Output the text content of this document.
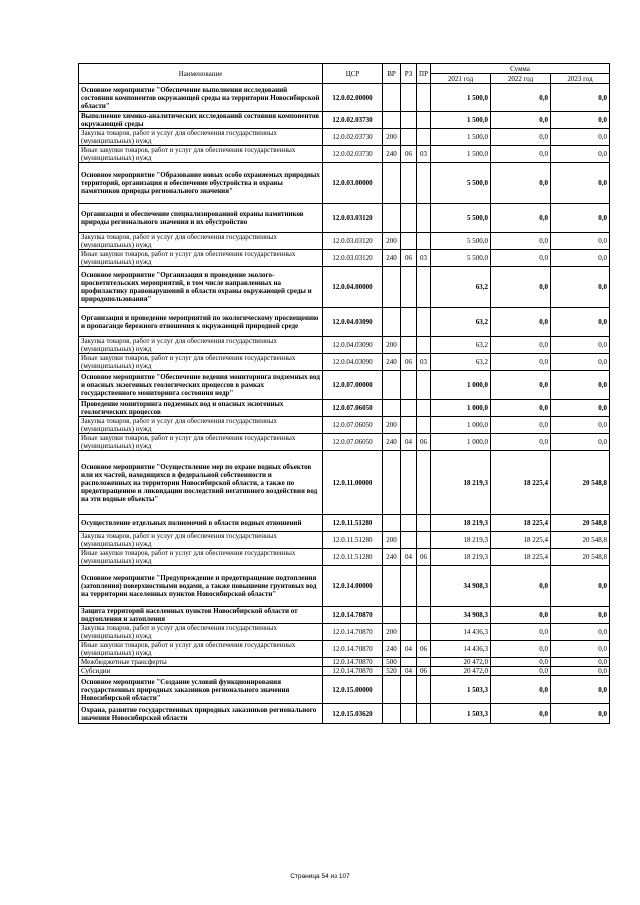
Наименование	ЦСР	ВР	РЗ	ПР	Сумма		
					2021 год	2022 год	2023 год
Основное мероприятие "Обеспечение выполнения исследований состояния компонентов окружающей среды на территории Новосибирской области"	12.0.02.00000				1 500,0	0,0	0,0
Выполнение химико-аналитических исследований состояния компонентов окружающей среды	12.0.02.03730				1 500,0	0,0	0,0
Закупка товаров, работ и услуг для обеспечения государственных (муниципальных) нужд	12.0.02.03730	200			1 500,0	0,0	0,0
Иные закупки товаров, работ и услуг для обеспечения государственных (муниципальных) нужд	12.0.02.03730	240	06	03	1 500,0	0,0	0,0
Основное мероприятие "Образование новых особо охраняемых природных территорий, организация и обеспечение обустройства и охраны памятников природы регионального значения"	12.0.03.00000				5 500,0	0,0	0,0
Организация и обеспечение специализированной охраны памятников природы регионального значения и их обустройство	12.0.03.03120				5 500,0	0,0	0,0
Закупка товаров, работ и услуг для обеспечения государственных (муниципальных) нужд	12.0.03.03120	200			5 500,0	0,0	0,0
Иные закупки товаров, работ и услуг для обеспечения государственных (муниципальных) нужд	12.0.03.03120	240	06	03	5 500,0	0,0	0,0
Основное мероприятие "Организация и проведение эколого-просветительских мероприятий, в том числе направленных на профилактику правонарушений в области охраны окружающей среды и природопользования"	12.0.04.00000				63,2	0,0	0,0
Организация и проведение мероприятий по экологическому просвещению и пропаганде бережного отношения к окружающей природной среде	12.0.04.03090				63,2	0,0	0,0
Закупка товаров, работ и услуг для обеспечения государственных (муниципальных) нужд	12.0.04.03090	200			63,2	0,0	0,0
Иные закупки товаров, работ и услуг для обеспечения государственных (муниципальных) нужд	12.0.04.03090	240	06	03	63,2	0,0	0,0
Основное мероприятие "Обеспечение ведения мониторинга подземных вод и опасных экзогенных геологических процессов в рамках государственного мониторинга состояния недр"	12.0.07.00000				1 000,0	0,0	0,0
Проведение мониторинга подземных вод и опасных экзогенных геологических процессов	12.0.07.06050				1 000,0	0,0	0,0
Закупка товаров, работ и услуг для обеспечения государственных (муниципальных) нужд	12.0.07.06050	200			1 000,0	0,0	0,0
Иные закупки товаров, работ и услуг для обеспечения государственных (муниципальных) нужд	12.0.07.06050	240	04	06	1 000,0	0,0	0,0
Основное мероприятие "Осуществление мер по охране водных объектов или их частей, находящихся в федеральной собственности и расположенных на территории Новосибирской области, а также по предотвращению и ликвидации последствий негативного воздействия вод на эти водные объекты"	12.0.11.00000				18 219,3	18 225,4	20 548,8
Осуществление отдельных полномочий в области водных отношений	12.0.11.51280				18 219,3	18 225,4	20 548,8
Закупка товаров, работ и услуг для обеспечения государственных (муниципальных) нужд	12.0.11.51280	200			18 219,3	18 225,4	20 548,8
Иные закупки товаров, работ и услуг для обеспечения государственных (муниципальных) нужд	12.0.11.51280	240	04	06	18 219,3	18 225,4	20 548,8
Основное мероприятие "Предупреждение и предотвращение подтопления (затопления) поверхностными водами, а также повышение грунтовых вод на территории населенных пунктов Новосибирской области"	12.0.14.00000				34 908,3	0,0	0,0
Защита территорий населенных пунктов Новосибирской области от подтопления и затопления	12.0.14.70870				34 908,3	0,0	0,0
Закупка товаров, работ и услуг для обеспечения государственных (муниципальных) нужд	12.0.14.70870	200			14 436,3	0,0	0,0
Иные закупки товаров, работ и услуг для обеспечения государственных (муниципальных) нужд	12.0.14.70870	240	04	06	14 436,3	0,0	0,0
Межбюджетные трансферты	12.0.14.70870	500			20 472,0	0,0	0,0
Субсидии	12.0.14.70870	520	04	06	20 472,0	0,0	0,0
Основное мероприятие "Создание условий функционирования государственных природных заказников регионального значения Новосибирской области"	12.0.15.00000				1 503,3	0,0	0,0
Охрана, развитие государственных природных заказников регионального значения Новосибирской области	12.0.15.03620				1 503,3	0,0	0,0
Страница 54 из 107
